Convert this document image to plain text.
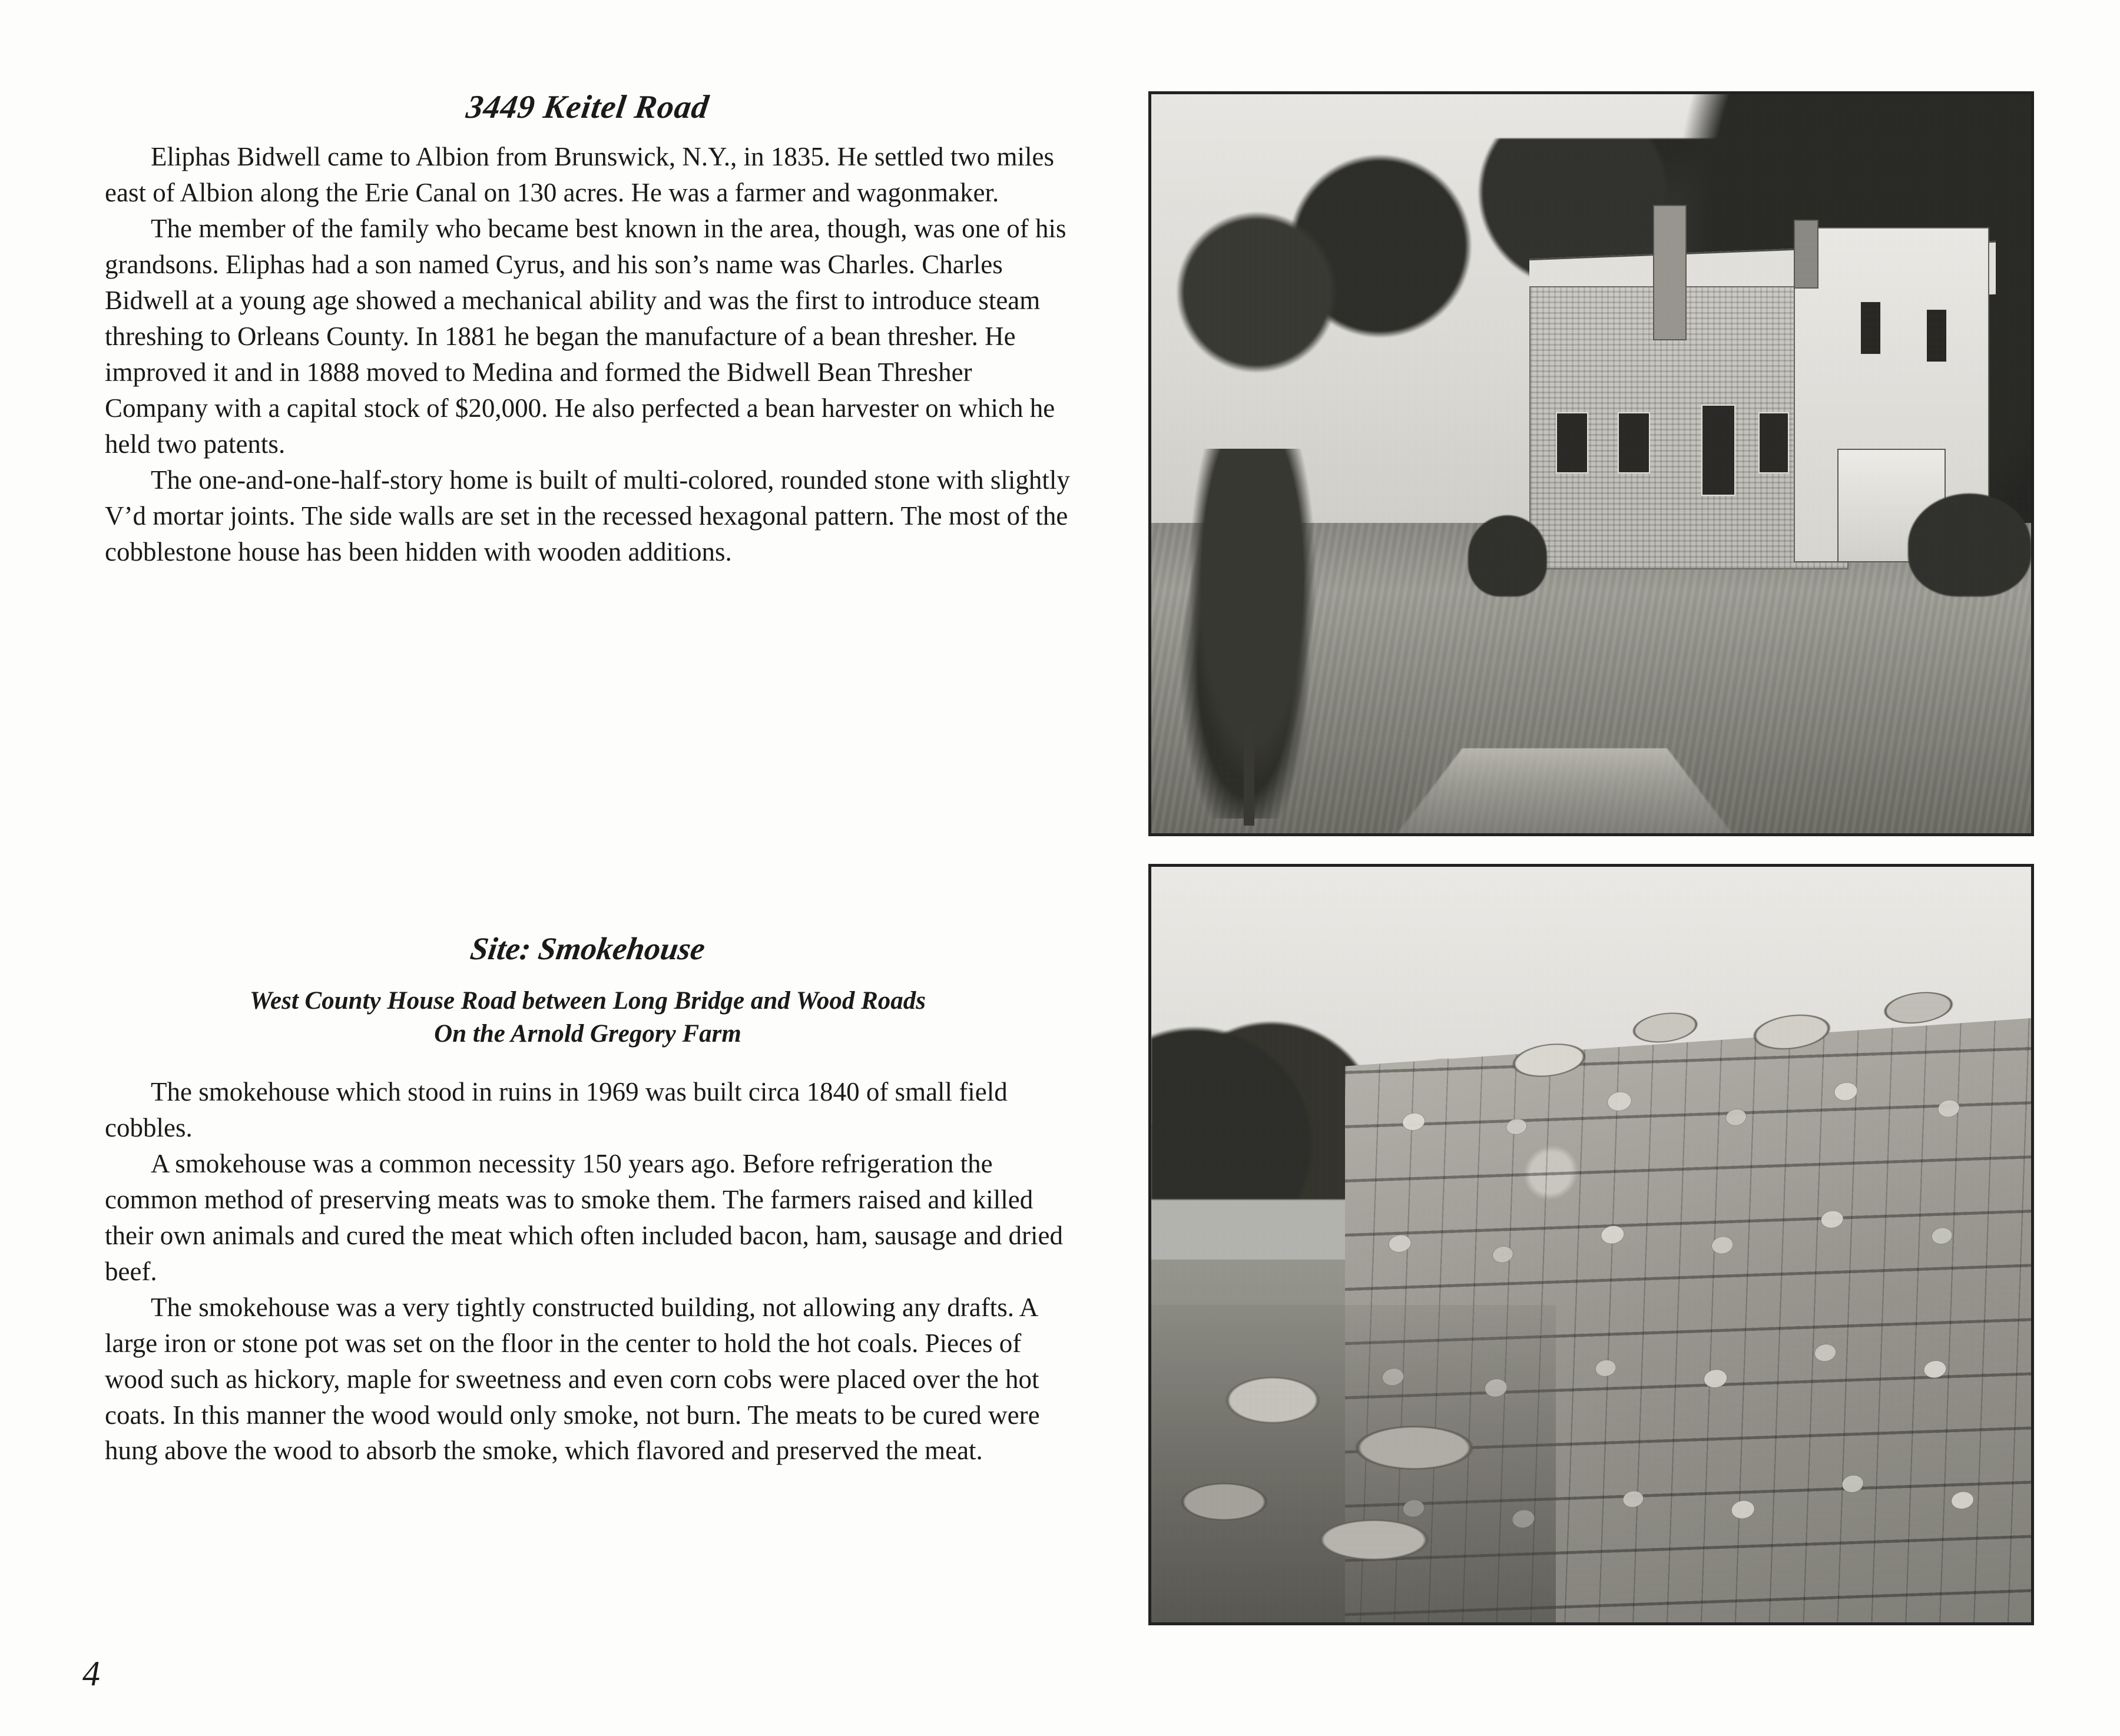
3449 Keitel Road

Eliphas Bidwell came to Albion from Brunswick, N.Y., in 1835. He settled two miles east of Albion along the Erie Canal on 130 acres. He was a farmer and wagonmaker.

The member of the family who became best known in the area, though, was one of his grandsons. Eliphas had a son named Cyrus, and his son’s name was Charles. Charles Bidwell at a young age showed a mechanical ability and was the first to introduce steam threshing to Orleans County. In 1881 he began the manufacture of a bean thresher. He improved it and in 1888 moved to Medina and formed the Bidwell Bean Thresher Company with a capital stock of $20,000. He also perfected a bean harvester on which he held two patents.

The one-and-one-half-story home is built of multi-colored, rounded stone with slightly V’d mortar joints. The side walls are set in the recessed hexagonal pattern. The most of the cobblestone house has been hidden with wooden additions.

Site: Smokehouse
West County House Road between Long Bridge and Wood Roads
On the Arnold Gregory Farm

The smokehouse which stood in ruins in 1969 was built circa 1840 of small field cobbles.

A smokehouse was a common necessity 150 years ago. Before refrigeration the common method of preserving meats was to smoke them. The farmers raised and killed their own animals and cured the meat which often included bacon, ham, sausage and dried beef.

The smokehouse was a very tightly constructed building, not allowing any drafts. A large iron or stone pot was set on the floor in the center to hold the hot coals. Pieces of wood such as hickory, maple for sweetness and even corn cobs were placed over the hot coats. In this manner the wood would only smoke, not burn. The meats to be cured were hung above the wood to absorb the smoke, which flavored and preserved the meat.

4
